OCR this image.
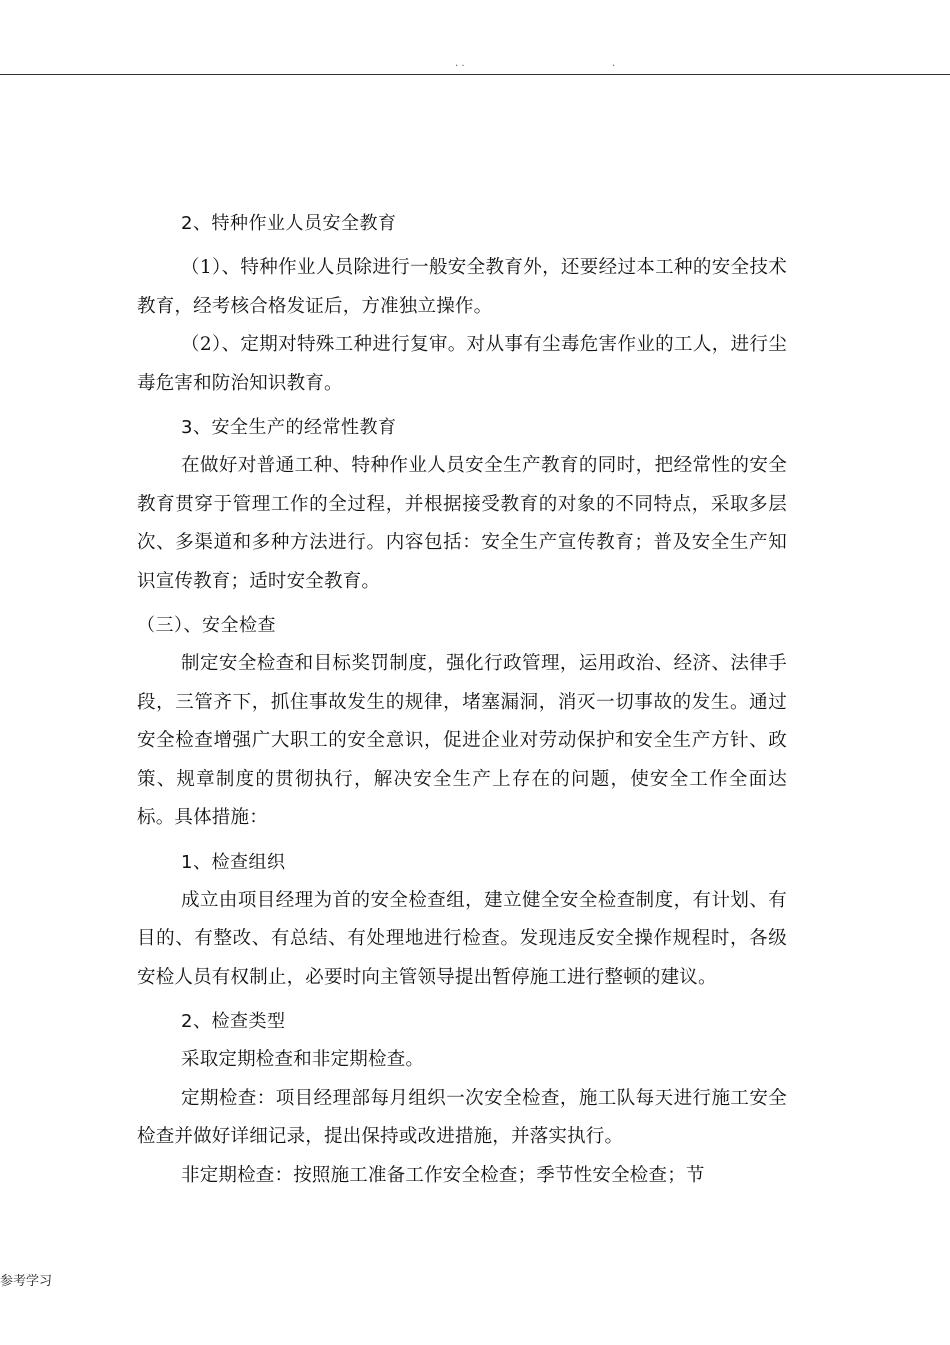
. .	.

2、特种作业人员安全教育

（1）、特种作业人员除进行一般安全教育外，还要经过本工种的安全技术教育，经考核合格发证后，方准独立操作。

（2）、定期对特殊工种进行复审。对从事有尘毒危害作业的工人，进行尘毒危害和防治知识教育。

3、安全生产的经常性教育

在做好对普通工种、特种作业人员安全生产教育的同时，把经常性的安全教育贯穿于管理工作的全过程，并根据接受教育的对象的不同特点，采取多层次、多渠道和多种方法进行。内容包括：安全生产宣传教育；普及安全生产知识宣传教育；适时安全教育。

（三）、安全检查

制定安全检查和目标奖罚制度，强化行政管理，运用政治、经济、法律手段，三管齐下，抓住事故发生的规律，堵塞漏洞，消灭一切事故的发生。通过安全检查增强广大职工的安全意识，促进企业对劳动保护和安全生产方针、政策、规章制度的贯彻执行，解决安全生产上存在的问题，使安全工作全面达标。具体措施：

1、检查组织

成立由项目经理为首的安全检查组，建立健全安全检查制度，有计划、有目的、有整改、有总结、有处理地进行检查。发现违反安全操作规程时，各级安检人员有权制止，必要时向主管领导提出暂停施工进行整顿的建议。

2、检查类型

采取定期检查和非定期检查。

定期检查：项目经理部每月组织一次安全检查，施工队每天进行施工安全检查并做好详细记录，提出保持或改进措施，并落实执行。

非定期检查：按照施工准备工作安全检查；季节性安全检查；节

参考学习
